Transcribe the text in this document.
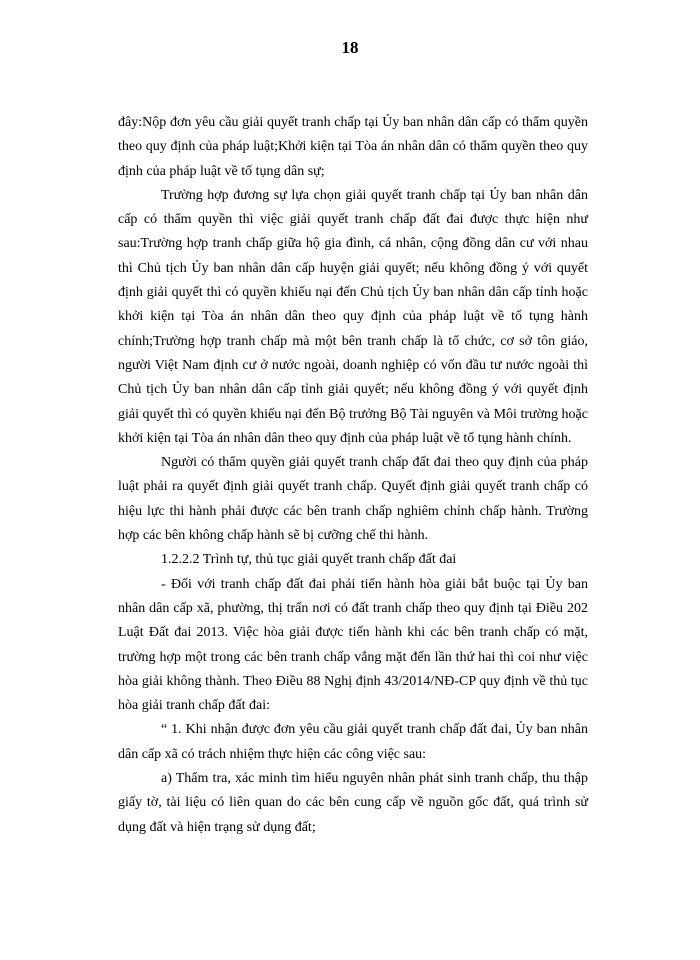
18

đây:Nộp đơn yêu cầu giải quyết tranh chấp tại Ủy ban nhân dân cấp có thẩm quyền theo quy định của pháp luật;Khởi kiện tại Tòa án nhân dân có thẩm quyền theo quy định của pháp luật về tố tụng dân sự;

Trường hợp đương sự lựa chọn giải quyết tranh chấp tại Ủy ban nhân dân cấp có thẩm quyền thì việc giải quyết tranh chấp đất đai được thực hiện như sau:Trường hợp tranh chấp giữa hộ gia đình, cá nhân, cộng đồng dân cư với nhau thì Chủ tịch Ủy ban nhân dân cấp huyện giải quyết; nếu không đồng ý với quyết định giải quyết thì có quyền khiếu nại đến Chủ tịch Ủy ban nhân dân cấp tỉnh hoặc khởi kiện tại Tòa án nhân dân theo quy định của pháp luật về tố tụng hành chính;Trường hợp tranh chấp mà một bên tranh chấp là tổ chức, cơ sở tôn giáo, người Việt Nam định cư ở nước ngoài, doanh nghiệp có vốn đầu tư nước ngoài thì Chủ tịch Ủy ban nhân dân cấp tỉnh giải quyết; nếu không đồng ý với quyết định giải quyết thì có quyền khiếu nại đến Bộ trưởng Bộ Tài nguyên và Môi trường hoặc khởi kiện tại Tòa án nhân dân theo quy định của pháp luật về tố tụng hành chính.

Người có thẩm quyền giải quyết tranh chấp đất đai theo quy định của pháp luật phải ra quyết định giải quyết tranh chấp. Quyết định giải quyết tranh chấp có hiệu lực thi hành phải được các bên tranh chấp nghiêm chỉnh chấp hành. Trường hợp các bên không chấp hành sẽ bị cưỡng chế thi hành.

1.2.2.2 Trình tự, thủ tục giải quyết tranh chấp đất đai

- Đối với tranh chấp đất đai phải tiến hành hòa giải bắt buộc tại Ủy ban nhân dân cấp xã, phường, thị trấn nơi có đất tranh chấp theo quy định tại Điều 202 Luật Đất đai 2013. Việc hòa giải được tiến hành khi các bên tranh chấp có mặt, trường hợp một trong các bên tranh chấp vắng mặt đến lần thứ hai thì coi như việc hòa giải không thành. Theo Điều 88 Nghị định 43/2014/NĐ-CP quy định về thủ tục hòa giải tranh chấp đất đai:

“ 1. Khi nhận được đơn yêu cầu giải quyết tranh chấp đất đai, Ủy ban nhân dân cấp xã có trách nhiệm thực hiện các công việc sau:

a) Thẩm tra, xác minh tìm hiểu nguyên nhân phát sinh tranh chấp, thu thập giấy tờ, tài liệu có liên quan do các bên cung cấp về nguồn gốc đất, quá trình sử dụng đất và hiện trạng sử dụng đất;
